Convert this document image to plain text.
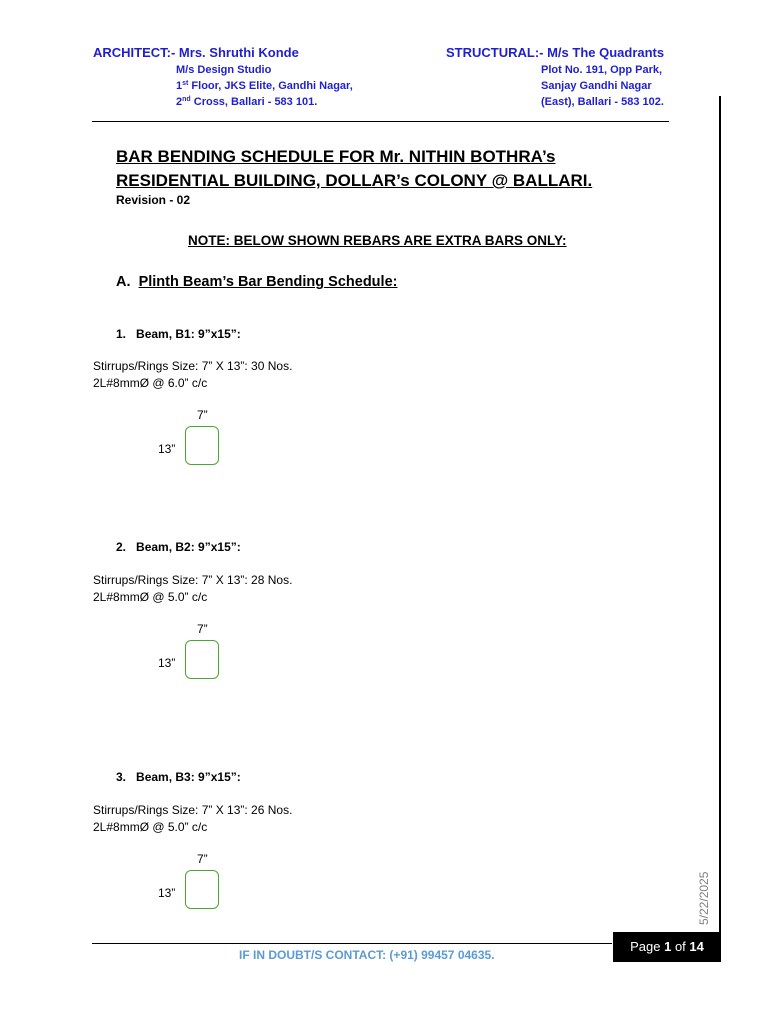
ARCHITECT:- Mrs. Shruthi Konde
M/s Design Studio
1st Floor, JKS Elite, Gandhi Nagar,
2nd Cross, Ballari - 583 101.
STRUCTURAL:- M/s The Quadrants
Plot No. 191, Opp Park,
Sanjay Gandhi Nagar
(East), Ballari - 583 102.
BAR BENDING SCHEDULE FOR Mr. NITHIN BOTHRA’s
RESIDENTIAL BUILDING, DOLLAR’s COLONY @ BALLARI.
Revision - 02
NOTE: BELOW SHOWN REBARS ARE EXTRA BARS ONLY:
A. Plinth Beam’s Bar Bending Schedule:
1. Beam, B1: 9”x15”:
Stirrups/Rings Size: 7” X 13”: 30 Nos.
2L#8mmØ @ 6.0” c/c
7”
13”
2. Beam, B2: 9”x15”:
Stirrups/Rings Size: 7” X 13”: 28 Nos.
2L#8mmØ @ 5.0” c/c
7”
13”
3. Beam, B3: 9”x15”:
Stirrups/Rings Size: 7” X 13”: 26 Nos.
2L#8mmØ @ 5.0” c/c
7”
13”	5/22/2025
Page 1 of 14
IF IN DOUBT/S CONTACT: (+91) 99457 04635.
